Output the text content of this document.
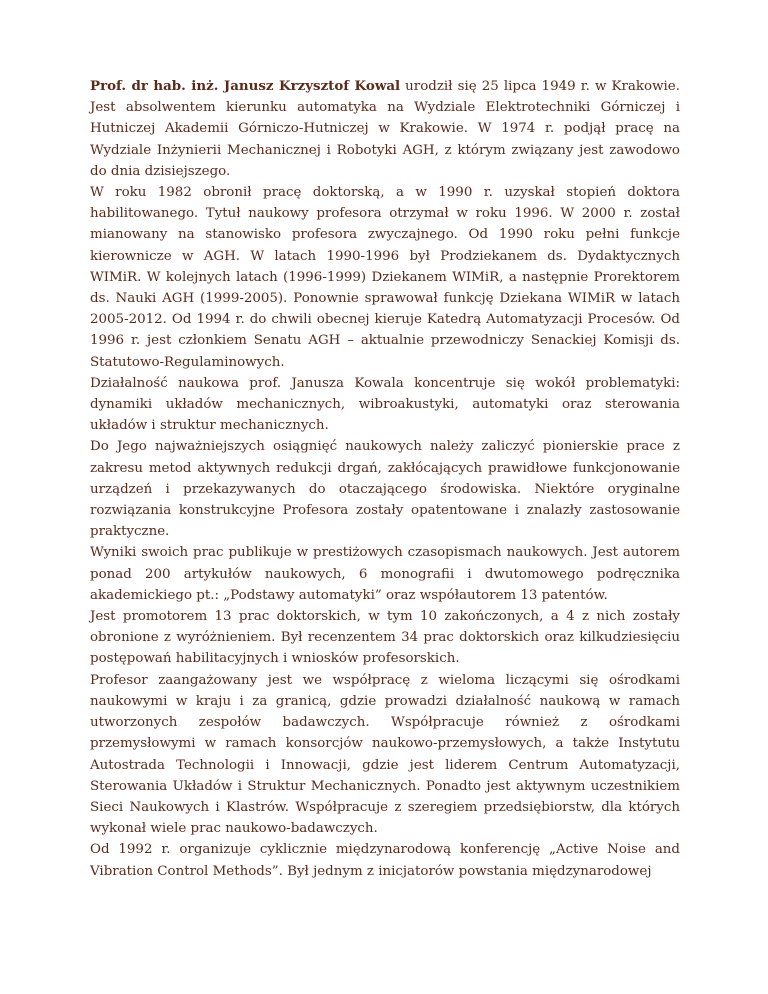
Prof. dr hab. inż. Janusz Krzysztof Kowal urodził się 25 lipca 1949 r. w Krakowie. Jest absolwentem kierunku automatyka na Wydziale Elektrotechniki Górniczej i Hutniczej Akademii Górniczo-Hutniczej w Krakowie. W 1974 r. podjął pracę na Wydziale Inżynierii Mechanicznej i Robotyki AGH, z którym związany jest zawodowo do dnia dzisiejszego.

W roku 1982 obronił pracę doktorską, a w 1990 r. uzyskał stopień doktora habilitowanego. Tytuł naukowy profesora otrzymał w roku 1996. W 2000 r. został mianowany na stanowisko profesora zwyczajnego. Od 1990 roku pełni funkcje kierownicze w AGH. W latach 1990-1996 był Prodziekanem ds. Dydaktycznych WIMiR. W kolejnych latach (1996-1999) Dziekanem WIMiR, a następnie Prorektorem ds. Nauki AGH (1999-2005). Ponownie sprawował funkcję Dziekana WIMiR w latach 2005-2012. Od 1994 r. do chwili obecnej kieruje Katedrą Automatyzacji Procesów. Od 1996 r. jest członkiem Senatu AGH – aktualnie przewodniczy Senackiej Komisji ds. Statutowo-Regulaminowych.

Działalność naukowa prof. Janusza Kowala koncentruje się wokół problematyki: dynamiki układów mechanicznych, wibroakustyki, automatyki oraz sterowania układów i struktur mechanicznych.

Do Jego najważniejszych osiągnięć naukowych należy zaliczyć pionierskie prace z zakresu metod aktywnych redukcji drgań, zakłócających prawidłowe funkcjonowanie urządzeń i przekazywanych do otaczającego środowiska. Niektóre oryginalne rozwiązania konstrukcyjne Profesora zostały opatentowane i znalazły zastosowanie praktyczne.

Wyniki swoich prac publikuje w prestiżowych czasopismach naukowych. Jest autorem ponad 200 artykułów naukowych, 6 monografii i dwutomowego podręcznika akademickiego pt.: „Podstawy automatyki” oraz współautorem 13 patentów.

Jest promotorem 13 prac doktorskich, w tym 10 zakończonych, a 4 z nich zostały obronione z wyróżnieniem. Był recenzentem 34 prac doktorskich oraz kilkudziesięciu postępowań habilitacyjnych i wniosków profesorskich.

Profesor zaangażowany jest we współpracę z wieloma liczącymi się ośrodkami naukowymi w kraju i za granicą, gdzie prowadzi działalność naukową w ramach utworzonych zespołów badawczych. Współpracuje również z ośrodkami przemysłowymi w ramach konsorcjów naukowo-przemysłowych, a także Instytutu Autostrada Technologii i Innowacji, gdzie jest liderem Centrum Automatyzacji, Sterowania Układów i Struktur Mechanicznych. Ponadto jest aktywnym uczestnikiem Sieci Naukowych i Klastrów. Współpracuje z szeregiem przedsiębiorstw, dla których wykonał wiele prac naukowo-badawczych.

Od 1992 r. organizuje cyklicznie międzynarodową konferencję „Active Noise and Vibration Control Methods”. Był jednym z inicjatorów powstania międzynarodowej
